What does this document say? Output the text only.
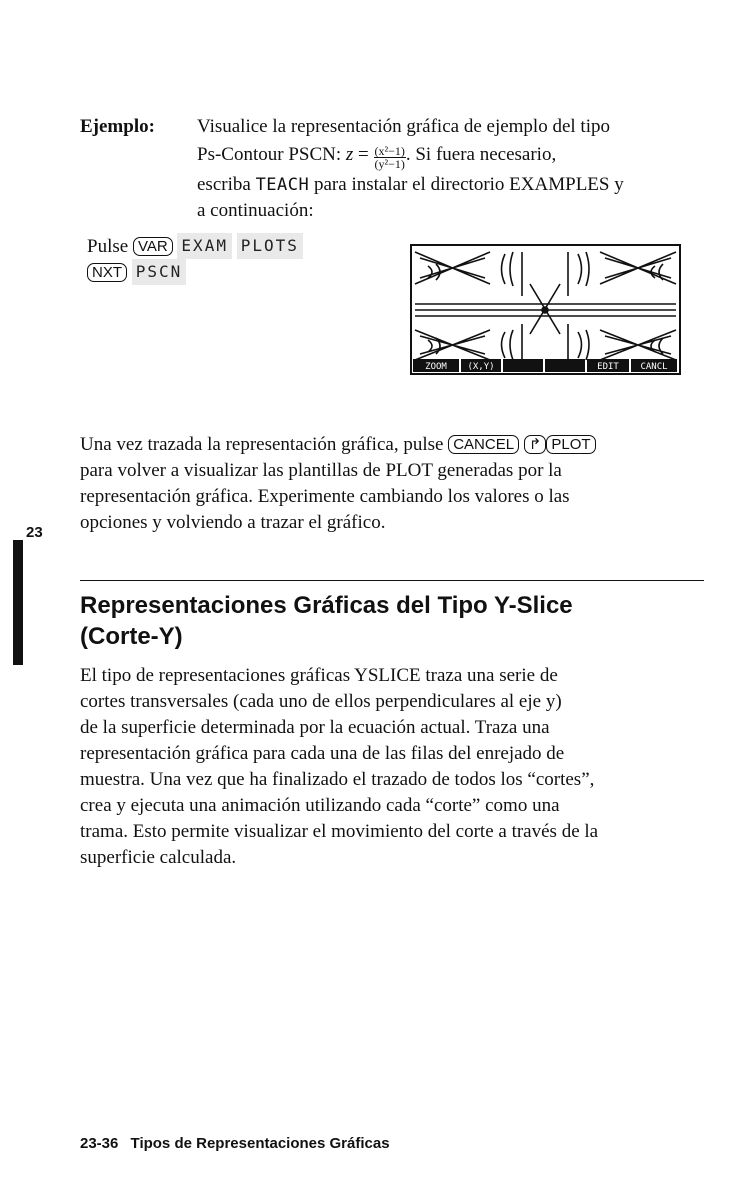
Ejemplo: Visualice la representación gráfica de ejemplo del tipo
Ps-Contour PSCN: $z = \frac{\text{(x²−1)}}{\text{(y²−1)}}$ . Si fuera necesario,
escriba TEACH para instalar el directorio EXAMPLES y
a continuación:
Pulse VAR EXAM PLOTS
NXT PSCN
ZOOM (X,Y)	EDIT CANCL

Una vez trazada la representación gráfica, pulse CANCEL ↱ PLOT

para volver a visualizar las plantillas de PLOT generadas por la

representación gráfica. Experimente cambiando los valores o las

opciones y volviendo a trazar el gráfico.

23
Representaciones Gráficas del Tipo Y-Slice
(Corte-Y)

El tipo de representaciones gráficas YSLICE traza una serie de

cortes transversales (cada uno de ellos perpendiculares al eje y)

de la superficie determinada por la ecuación actual. Traza una

representación gráfica para cada una de las filas del enrejado de

muestra. Una vez que ha finalizado el trazado de todos los “cortes”,

crea y ejecuta una animación utilizando cada “corte” como una

trama. Esto permite visualizar el movimiento del corte a través de la

superficie calculada.

23-36 Tipos de Representaciones Gráficas
